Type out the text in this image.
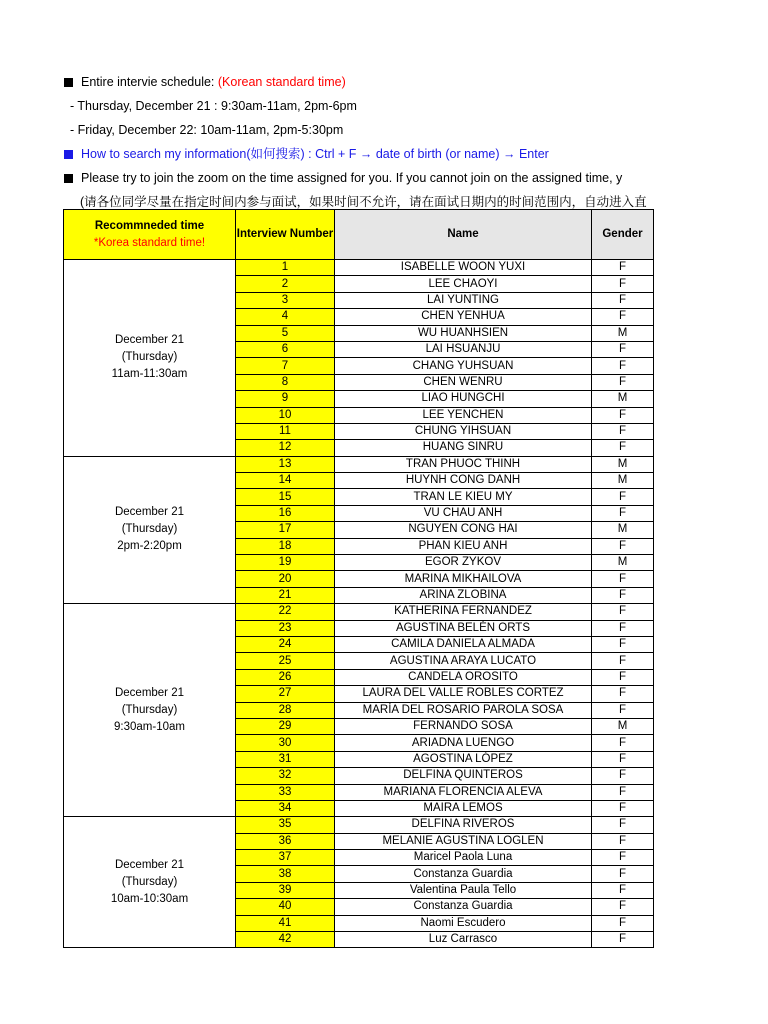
Entire intervie schedule: (Korean standard time)
- Thursday, December 21 : 9:30am-11am, 2pm-6pm
- Friday, December 22: 10am-11am, 2pm-5:30pm
How to search my information(如何搜索) : Ctrl + F → date of birth (or name) → Enter
Please try to join the zoom on the time assigned for you. If you cannot join on the assigned time, y
(请各位同学尽量在指定时间内参与面试，如果时间不允许，请在面试日期内的时间范围内，自动进入直
Recommneded time
*Korea standard time!	Interview Number	Name	Gender

December 21
(Thursday)
11am-11:30am	1	ISABELLE WOON YUXI	F
	2	LEE CHAOYI	F
	3	LAI YUNTING	F
	4	CHEN YENHUA	F
	5	WU HUANHSIEN	M
	6	LAI HSUANJU	F
	7	CHANG YUHSUAN	F
	8	CHEN WENRU	F
	9	LIAO HUNGCHI	M
	10	LEE YENCHEN	F
	11	CHUNG YIHSUAN	F
	12	HUANG SINRU	F

December 21
(Thursday)
2pm-2:20pm	13	TRAN PHUOC THINH	M
	14	HUYNH CONG DANH	M
	15	TRAN LE KIEU MY	F
	16	VU CHAU ANH	F
	17	NGUYEN CONG HAI	M
	18	PHAN KIEU ANH	F
	19	EGOR ZYKOV	M
	20	MARINA MIKHAILOVA	F
	21	ARINA ZLOBINA	F

December 21
(Thursday)
9:30am-10am	22	KATHERINA FERNANDEZ	F
	23	AGUSTINA BELÉN ORTS	F
	24	CAMILA DANIELA ALMADA	F
	25	AGUSTINA ARAYA LUCATO	F
	26	CANDELA OROSITO	F
	27	LAURA DEL VALLE ROBLES CORTEZ	F
	28	MARÍA DEL ROSARIO PAROLA SOSA	F
	29	FERNANDO SOSA	M
	30	ARIADNA LUENGO	F
	31	AGOSTINA LÓPEZ	F
	32	DELFINA QUINTEROS	F
	33	MARIANA FLORENCIA ALEVA	F
	34	MAIRA LEMOS	F

December 21
(Thursday)
10am-10:30am	35	DELFINA RIVEROS	F
	36	MELANIE AGUSTINA LOGLEN	F
	37	Maricel Paola Luna	F
	38	Constanza Guardia	F
	39	Valentina Paula Tello	F
	40	Constanza Guardia	F
	41	Naomi Escudero	F
	42	Luz Carrasco	F
